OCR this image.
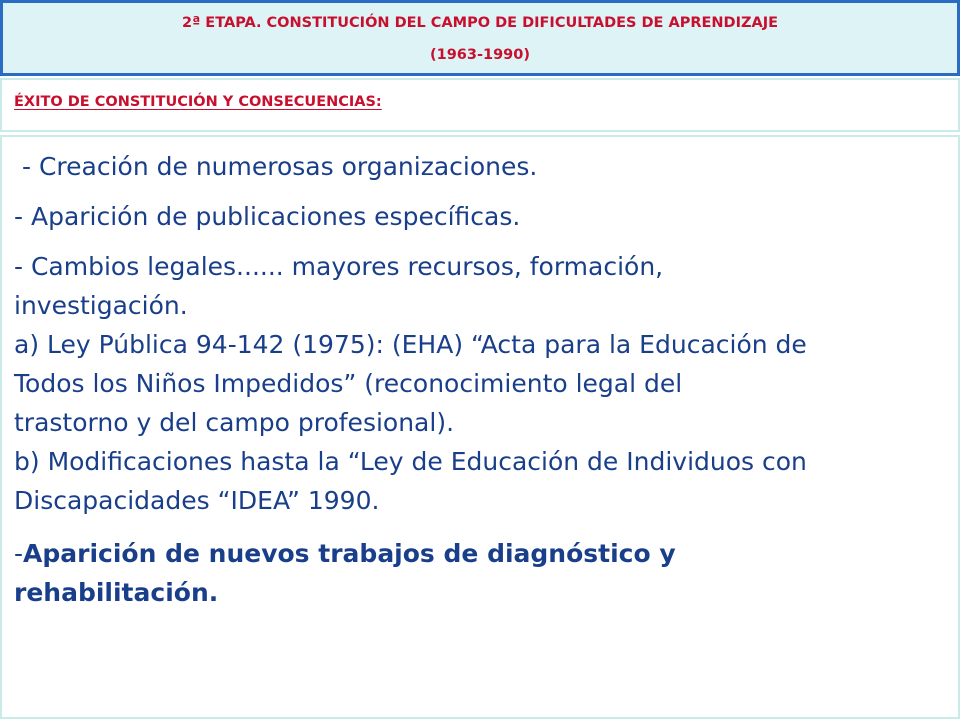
2ª ETAPA. CONSTITUCIÓN DEL CAMPO DE DIFICULTADES DE APRENDIZAJE
(1963-1990)
ÉXITO DE CONSTITUCIÓN Y CONSECUENCIAS:

- Creación de numerosas organizaciones.

- Aparición de publicaciones específicas.

- Cambios legales...... mayores recursos, formación,

investigación.

a) Ley Pública 94-142 (1975): (EHA) “Acta para la Educación de

Todos los Niños Impedidos” (reconocimiento legal del

trastorno y del campo profesional).

b) Modificaciones hasta la “Ley de Educación de Individuos con

Discapacidades “IDEA” 1990.

-Aparición de nuevos trabajos de diagnóstico y

rehabilitación.
